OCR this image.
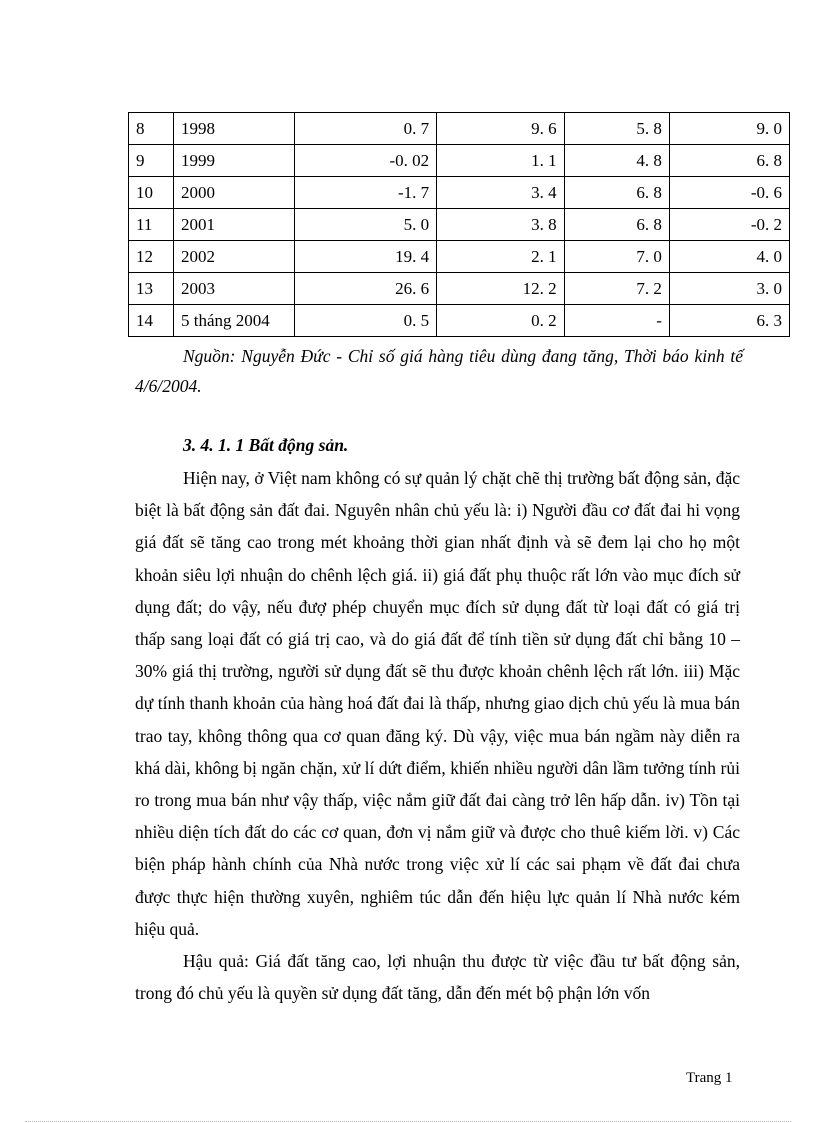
8	1998	0. 7	9. 6	5. 8	9. 0
9	1999	-0. 02	1. 1	4. 8	6. 8
10	2000	-1. 7	3. 4	6. 8	-0. 6
11	2001	5. 0	3. 8	6. 8	-0. 2
12	2002	19. 4	2. 1	7. 0	4. 0
13	2003	26. 6	12. 2	7. 2	3. 0
14	5 tháng 2004	0. 5	0. 2	-	6. 3

Nguồn: Nguyễn Đức - Chỉ số giá hàng tiêu dùng đang tăng, Thời báo kinh tế 4/6/2004.

3. 4. 1. 1 Bất động sản.

Hiện nay, ở Việt nam không có sự quản lý chặt chẽ thị trường bất động sản, đặc biệt là bất động sản đất đai. Nguyên nhân chủ yếu là: i) Người đầu cơ đất đai hi vọng giá đất sẽ tăng cao trong mét khoảng thời gian nhất định và sẽ đem lại cho họ một khoản siêu lợi nhuận do chênh lệch giá. ii) giá đất phụ thuộc rất lớn vào mục đích sử dụng đất; do vậy, nếu đượ phép chuyển mục đích sử dụng đất từ loại đất có giá trị thấp sang loại đất có giá trị cao, và do giá đất để tính tiền sử dụng đất chỉ bằng 10 – 30% giá thị trường, người sử dụng đất sẽ thu được khoản chênh lệch rất lớn. iii) Mặc dự tính thanh khoản của hàng hoá đất đai là thấp, nhưng giao dịch chủ yếu là mua bán trao tay, không thông qua cơ quan đăng ký. Dù vậy, việc mua bán ngầm này diễn ra khá dài, không bị ngăn chặn, xử lí dứt điểm, khiến nhiều người dân lầm tưởng tính rủi ro trong mua bán như vậy thấp, việc nắm giữ đất đai càng trở lên hấp dẫn. iv) Tồn tại nhiều diện tích đất do các cơ quan, đơn vị nắm giữ và được cho thuê kiếm lời. v) Các biện pháp hành chính của Nhà nước trong việc xử lí các sai phạm về đất đai chưa được thực hiện thường xuyên, nghiêm túc dẫn đến hiệu lực quản lí Nhà nước kém hiệu quả.

Hậu quả: Giá đất tăng cao, lợi nhuận thu được từ việc đầu tư bất động sản, trong đó chủ yếu là quyền sử dụng đất tăng, dẫn đến mét bộ phận lớn vốn

Trang 1
